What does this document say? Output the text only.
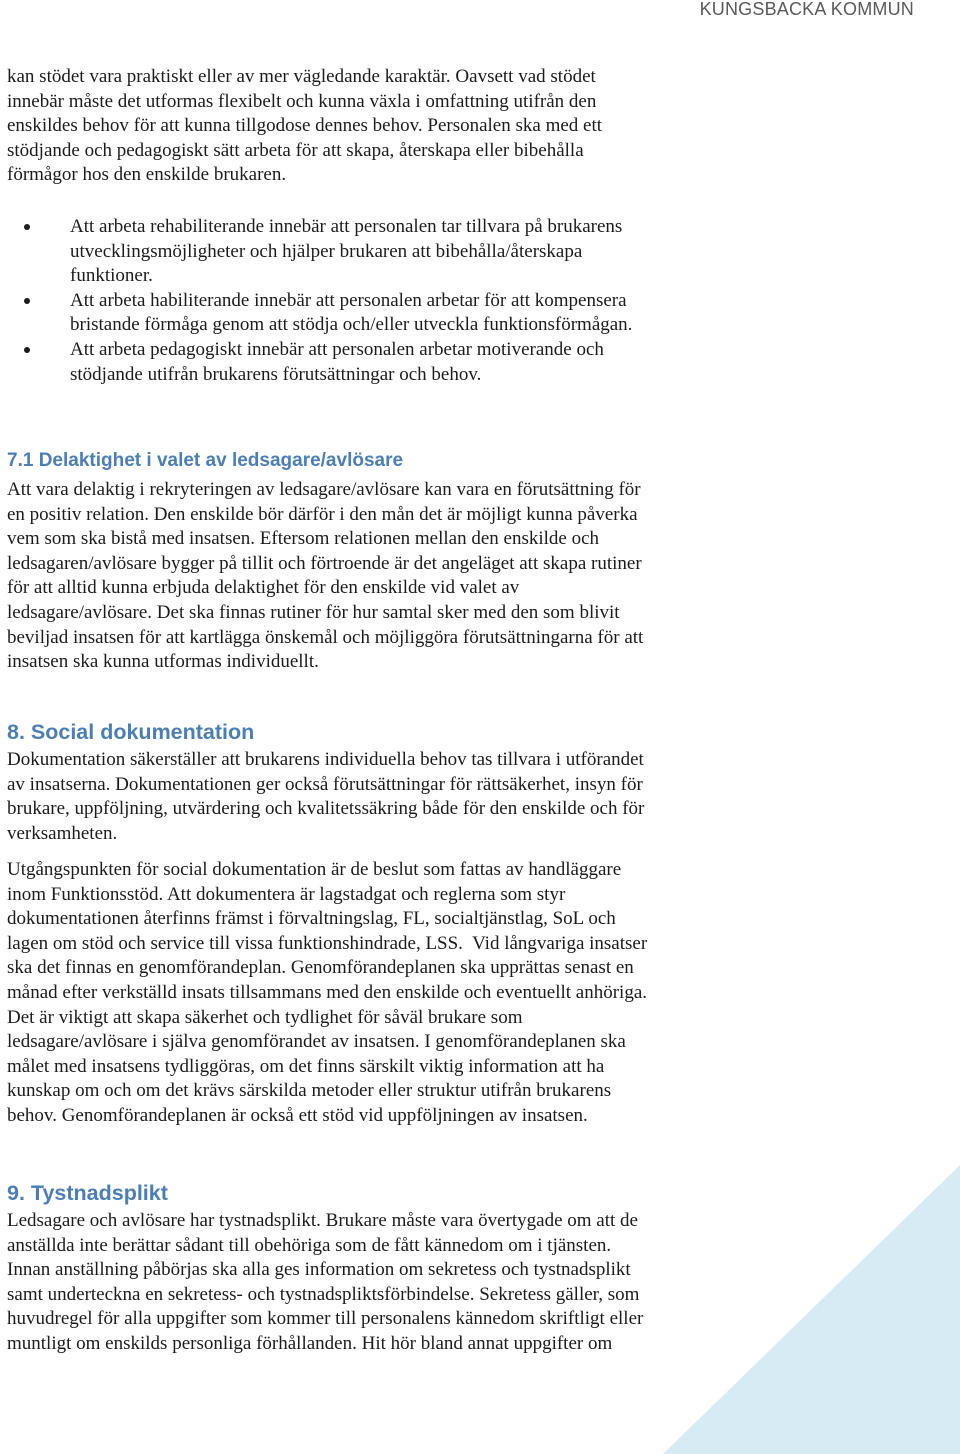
KUNGSBACKA KOMMUN
kan stödet vara praktiskt eller av mer vägledande karaktär. Oavsett vad stödet
innebär måste det utformas flexibelt och kunna växla i omfattning utifrån den
enskildes behov för att kunna tillgodose dennes behov. Personalen ska med ett
stödjande och pedagogiskt sätt arbeta för att skapa, återskapa eller bibehålla
förmågor hos den enskilde brukaren.
Att arbeta rehabiliterande innebär att personalen tar tillvara på brukarens
utvecklingsmöjligheter och hjälper brukaren att bibehålla/återskapa
funktioner.
Att arbeta habiliterande innebär att personalen arbetar för att kompensera
bristande förmåga genom att stödja och/eller utveckla funktionsförmågan.
Att arbeta pedagogiskt innebär att personalen arbetar motiverande och
stödjande utifrån brukarens förutsättningar och behov.
7.1 Delaktighet i valet av ledsagare/avlösare
Att vara delaktig i rekryteringen av ledsagare/avlösare kan vara en förutsättning för
en positiv relation. Den enskilde bör därför i den mån det är möjligt kunna påverka
vem som ska bistå med insatsen. Eftersom relationen mellan den enskilde och
ledsagaren/avlösare bygger på tillit och förtroende är det angeläget att skapa rutiner
för att alltid kunna erbjuda delaktighet för den enskilde vid valet av
ledsagare/avlösare. Det ska finnas rutiner för hur samtal sker med den som blivit
beviljad insatsen för att kartlägga önskemål och möjliggöra förutsättningarna för att
insatsen ska kunna utformas individuellt.
8. Social dokumentation
Dokumentation säkerställer att brukarens individuella behov tas tillvara i utförandet
av insatserna. Dokumentationen ger också förutsättningar för rättsäkerhet, insyn för
brukare, uppföljning, utvärdering och kvalitetssäkring både för den enskilde och för
verksamheten.
Utgångspunkten för social dokumentation är de beslut som fattas av handläggare
inom Funktionsstöd. Att dokumentera är lagstadgat och reglerna som styr
dokumentationen återfinns främst i förvaltningslag, FL, socialtjänstlag, SoL och
lagen om stöd och service till vissa funktionshindrade, LSS.  Vid långvariga insatser
ska det finnas en genomförandeplan. Genomförandeplanen ska upprättas senast en
månad efter verkställd insats tillsammans med den enskilde och eventuellt anhöriga.
Det är viktigt att skapa säkerhet och tydlighet för såväl brukare som
ledsagare/avlösare i själva genomförandet av insatsen. I genomförandeplanen ska
målet med insatsens tydliggöras, om det finns särskilt viktig information att ha
kunskap om och om det krävs särskilda metoder eller struktur utifrån brukarens
behov. Genomförandeplanen är också ett stöd vid uppföljningen av insatsen.
9. Tystnadsplikt
Ledsagare och avlösare har tystnadsplikt. Brukare måste vara övertygade om att de
anställda inte berättar sådant till obehöriga som de fått kännedom om i tjänsten.
Innan anställning påbörjas ska alla ges information om sekretess och tystnadsplikt
samt underteckna en sekretess- och tystnadspliktsförbindelse. Sekretess gäller, som
huvudregel för alla uppgifter som kommer till personalens kännedom skriftligt eller
muntligt om enskilds personliga förhållanden. Hit hör bland annat uppgifter om
